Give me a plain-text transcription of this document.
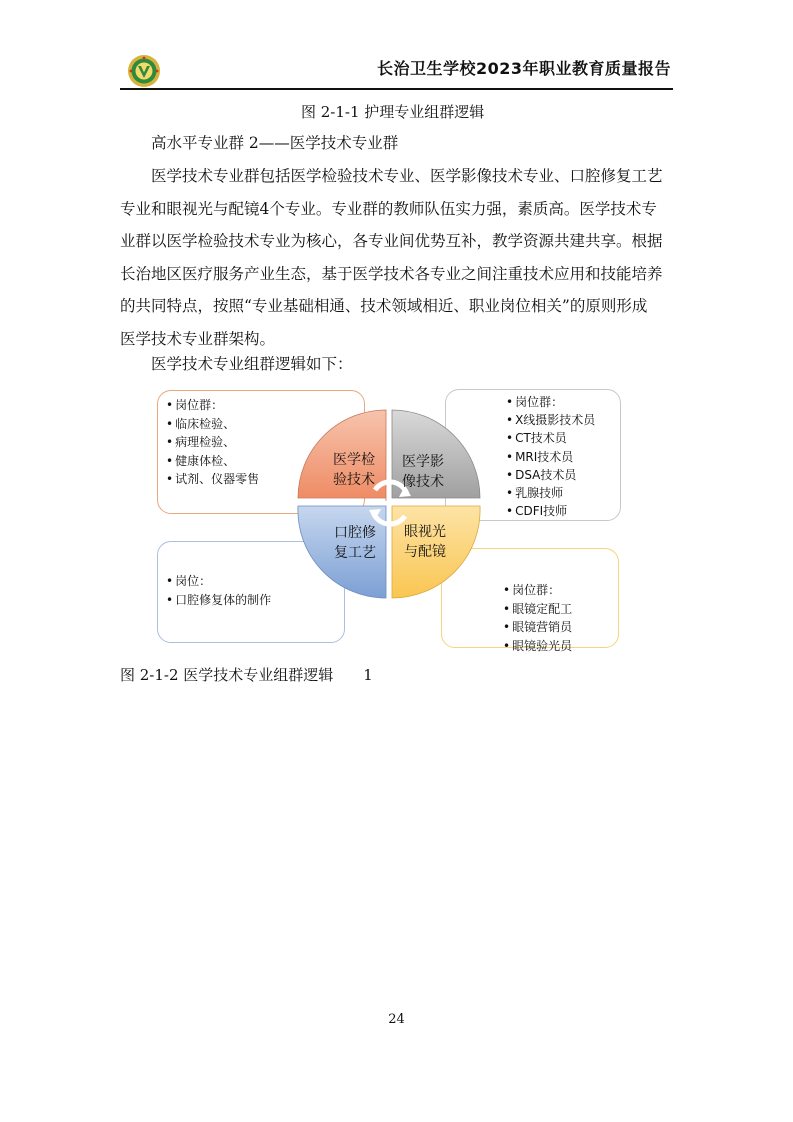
长治卫生学校2023年职业教育质量报告
图 2-1-1 护理专业组群逻辑
高水平专业群 2——医学技术专业群
医学技术专业群包括医学检验技术专业、医学影像技术专业、口腔修复工艺
专业和眼视光与配镜4个专业。专业群的教师队伍实力强，素质高。医学技术专
业群以医学检验技术专业为核心，各专业间优势互补，教学资源共建共享。根据
长治地区医疗服务产业生态，基于医学技术各专业之间注重技术应用和技能培养
的共同特点，按照“专业基础相通、技术领域相近、职业岗位相关”的原则形成
医学技术专业群架构。
医学技术专业组群逻辑如下：
• 岗位群：
• 临床检验、
• 病理检验、
• 健康体检、
• 试剂、仪器零售
• 岗位群：
• X线摄影技术员
• CT技术员
• MRI技术员
• DSA技术员
• 乳腺技师
• CDFI技师
• 岗位：
• 口腔修复体的制作
• 岗位群：
• 眼镜定配工
• 眼镜营销员
• 眼镜验光员
医学检
验技术
医学影
像技术
口腔修
复工艺
眼视光
与配镜
图 2-1-2 医学技术专业组群逻辑　　1
24
